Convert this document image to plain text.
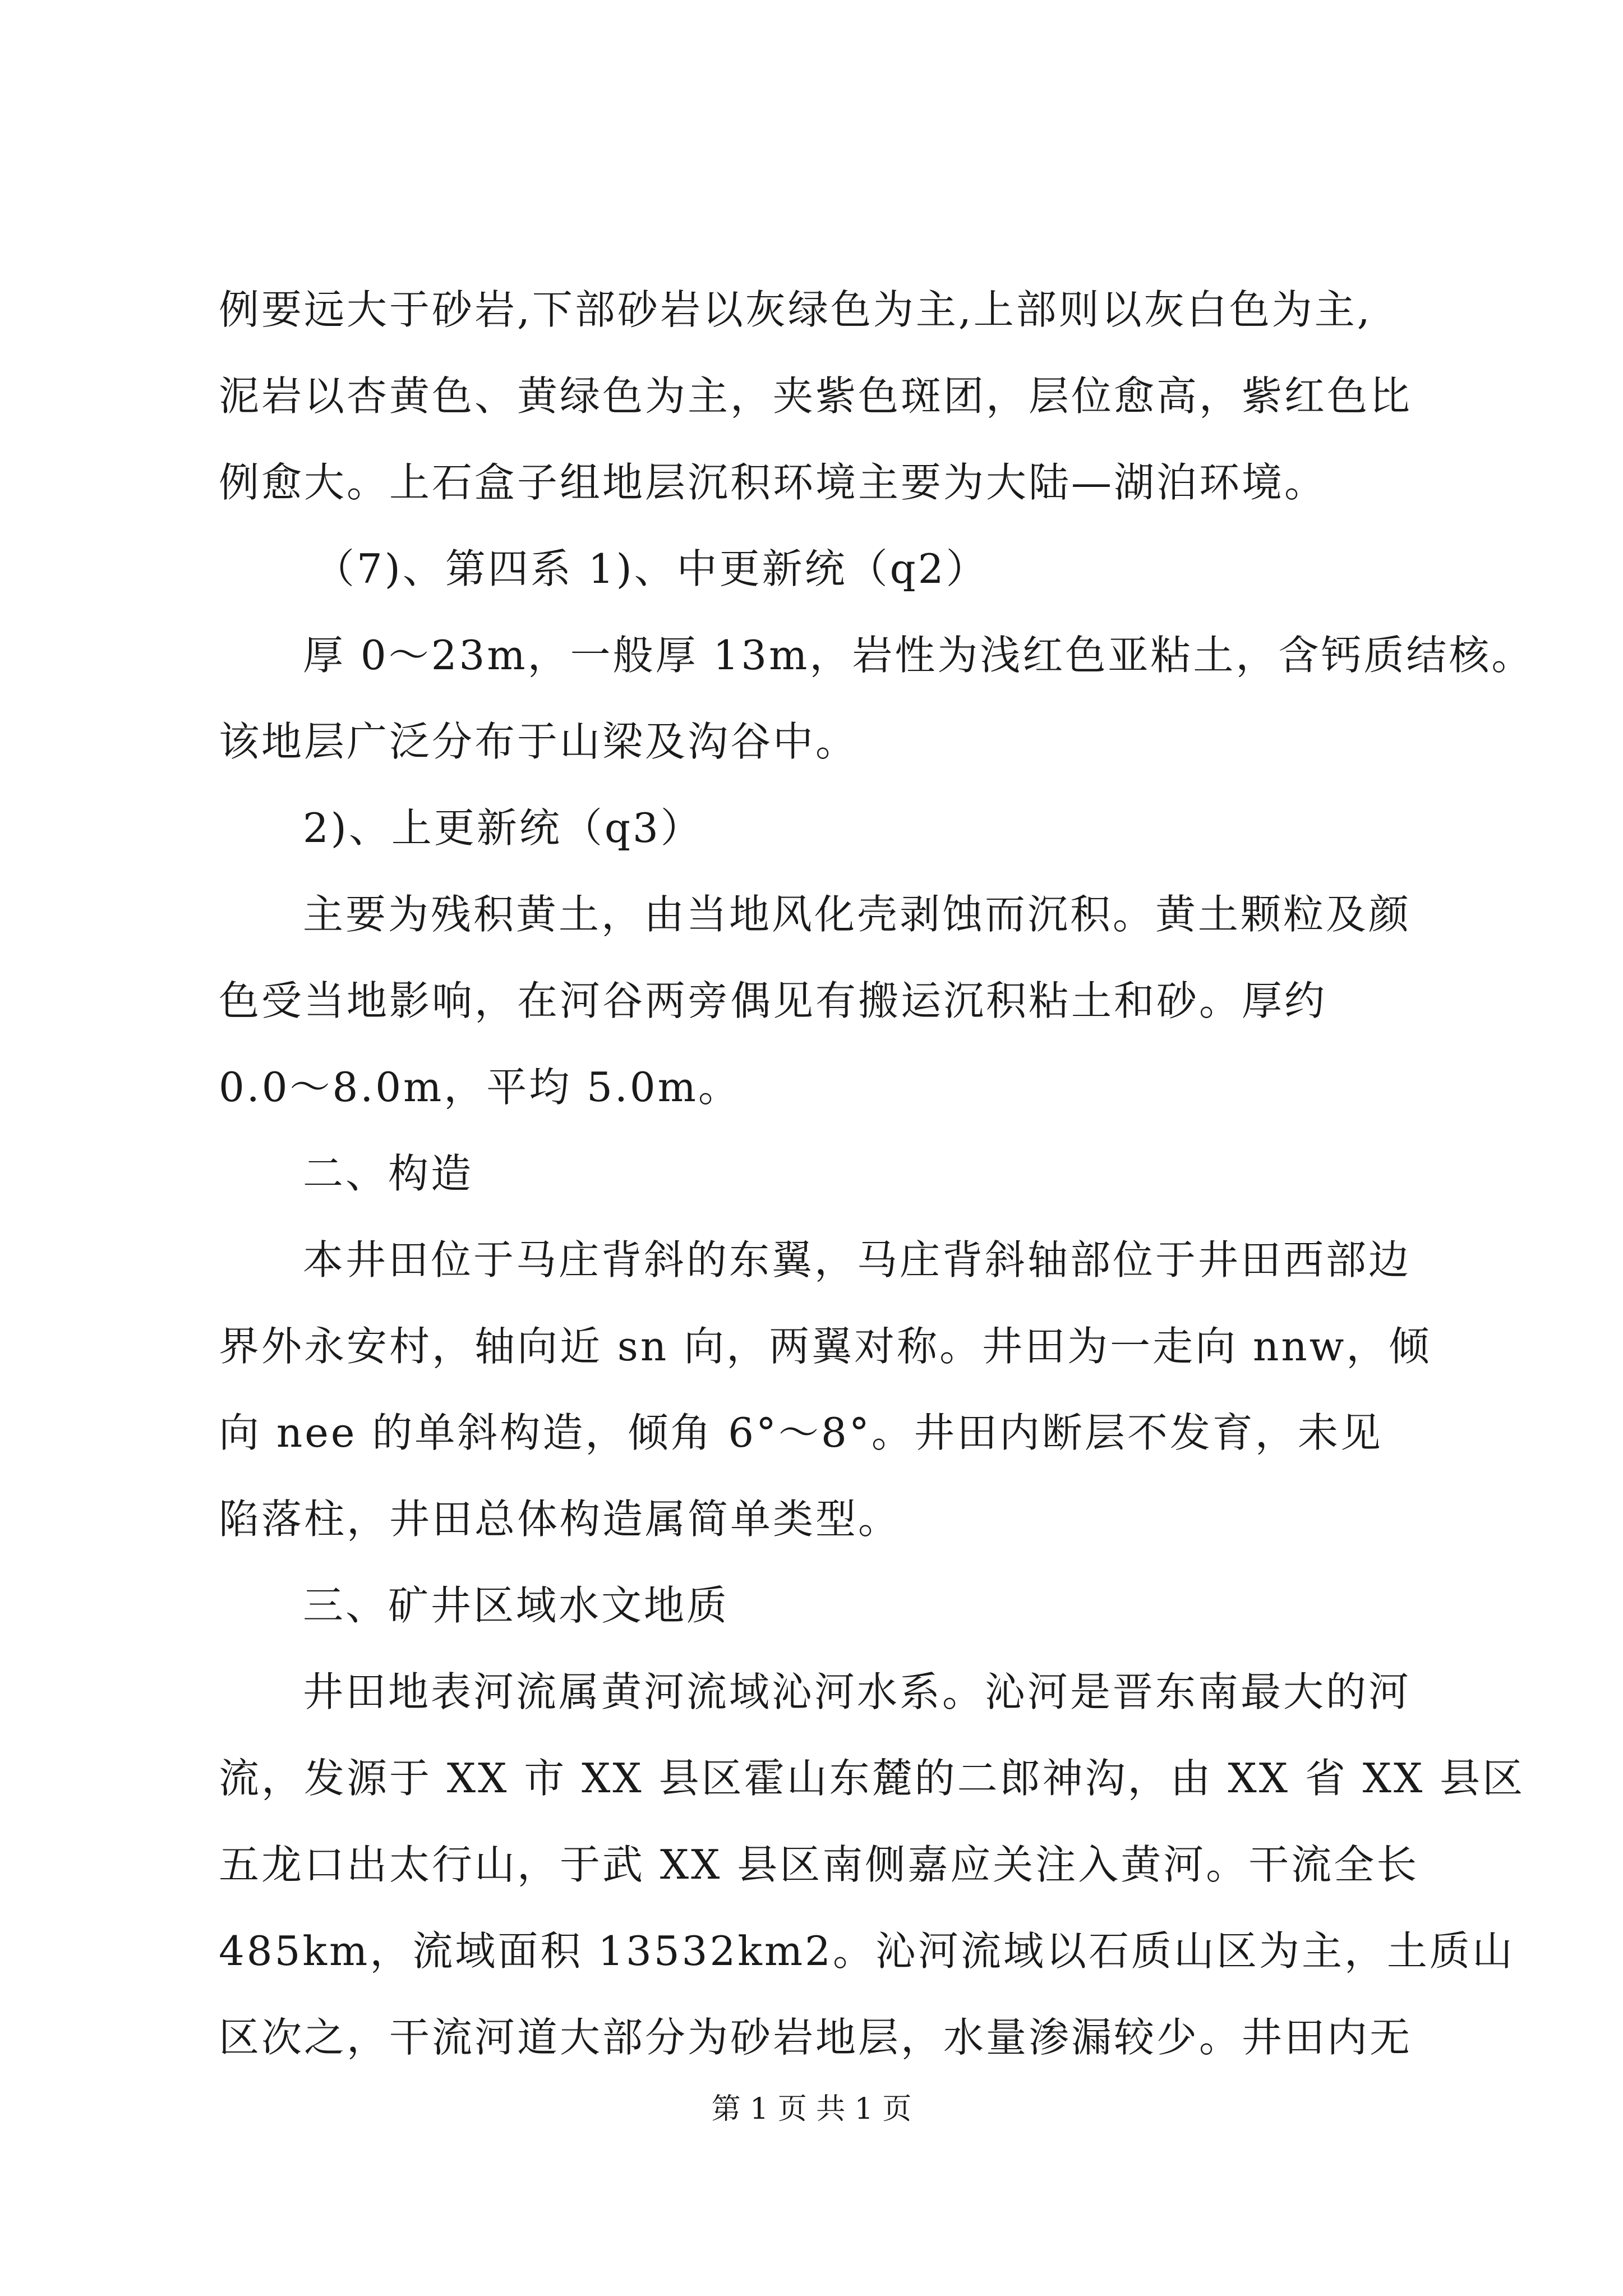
例要远大于砂岩,下部砂岩以灰绿色为主,上部则以灰白色为主,
泥岩以杏黄色、黄绿色为主，夹紫色斑团，层位愈高，紫红色比
例愈大。上石盒子组地层沉积环境主要为大陆—湖泊环境。
（7)、第四系 1)、中更新统（q2）
厚 0～23m，一般厚 13m，岩性为浅红色亚粘土，含钙质结核。
该地层广泛分布于山梁及沟谷中。
2)、上更新统（q3）
主要为残积黄土，由当地风化壳剥蚀而沉积。黄土颗粒及颜
色受当地影响，在河谷两旁偶见有搬运沉积粘土和砂。厚约
0.0～8.0m，平均 5.0m。
二、构造
本井田位于马庄背斜的东翼，马庄背斜轴部位于井田西部边
界外永安村，轴向近 sn 向，两翼对称。井田为一走向 nnw，倾
向 nee 的单斜构造，倾角 6°～8°。井田内断层不发育，未见
陷落柱，井田总体构造属简单类型。
三、矿井区域水文地质
井田地表河流属黄河流域沁河水系。沁河是晋东南最大的河
流，发源于 XX 市 XX 县区霍山东麓的二郎神沟，由 XX 省 XX 县区
五龙口出太行山，于武 XX 县区南侧嘉应关注入黄河。干流全长
485km，流域面积 13532km2。沁河流域以石质山区为主，土质山
区次之，干流河道大部分为砂岩地层，水量渗漏较少。井田内无
第 1 页 共 1 页
